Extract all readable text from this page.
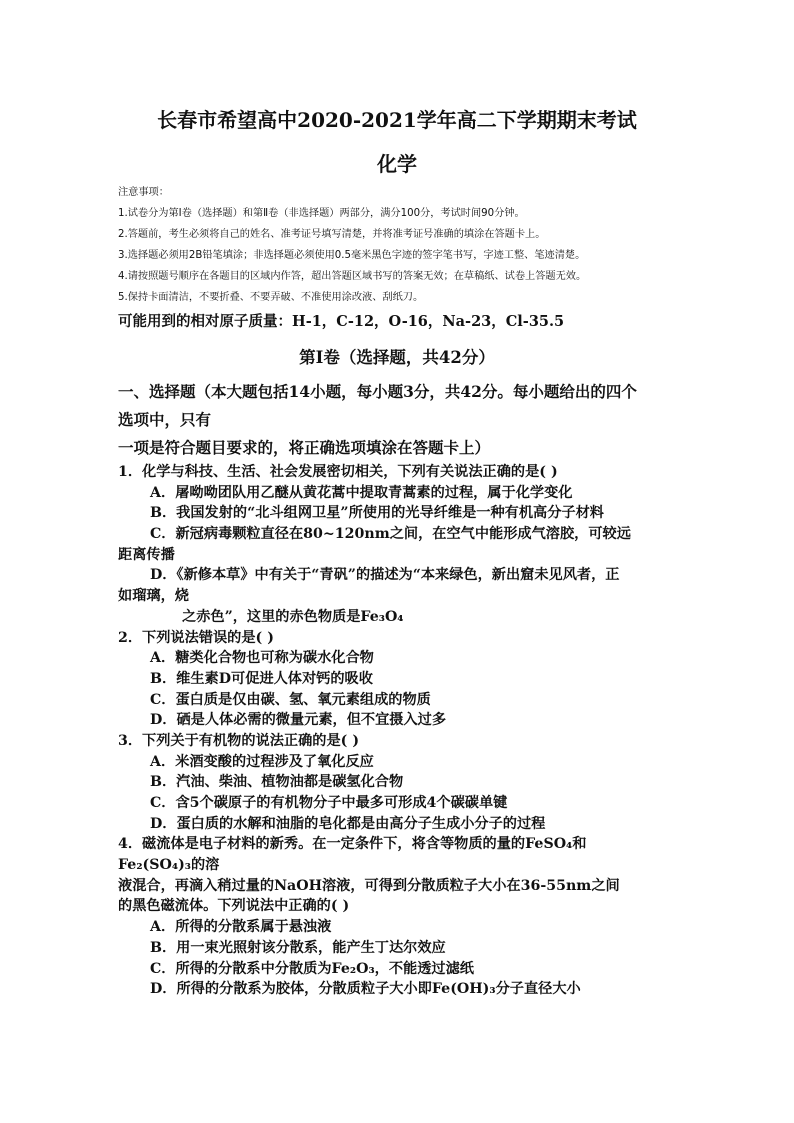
长春市希望高中2020-2021学年高二下学期期末考试
化学
注意事项：
1.试卷分为第Ⅰ卷（选择题）和第Ⅱ卷（非选择题）两部分，满分100分，考试时间90分钟。
2.答题前，考生必须将自己的姓名、准考证号填写清楚，并将准考证号准确的填涂在答题卡上。
3.选择题必须用2B铅笔填涂；非选择题必须使用0.5毫米黑色字迹的签字笔书写，字迹工整、笔迹清楚。
4.请按照题号顺序在各题目的区域内作答，超出答题区域书写的答案无效；在草稿纸、试卷上答题无效。
5.保持卡面清洁，不要折叠、不要弄破、不准使用涂改液、刮纸刀。
可能用到的相对原子质量：H-1，C-12，O-16，Na-23，Cl-35.5
第Ⅰ卷（选择题，共42分）
一、选择题（本大题包括14小题，每小题3分，共42分。每小题给出的四个
选项中，只有
一项是符合题目要求的，将正确选项填涂在答题卡上）
1．化学与科技、生活、社会发展密切相关，下列有关说法正确的是( )
A．屠呦呦团队用乙醚从黄花蒿中提取青蒿素的过程，属于化学变化
B．我国发射的“北斗组网卫星”所使用的光导纤维是一种有机高分子材料
C．新冠病毒颗粒直径在80~120nm之间，在空气中能形成气溶胶，可较远
距离传播
D．《新修本草》中有关于“青矾”的描述为“本来绿色，新出窟未见风者，正
如瑠璃，烧
之赤色”，这里的赤色物质是Fe₃O₄
2．下列说法错误的是( )
A．糖类化合物也可称为碳水化合物
B．维生素D可促进人体对钙的吸收
C．蛋白质是仅由碳、氢、氧元素组成的物质
D．硒是人体必需的微量元素，但不宜摄入过多
3．下列关于有机物的说法正确的是( )
A．米酒变酸的过程涉及了氧化反应
B．汽油、柴油、植物油都是碳氢化合物
C．含5个碳原子的有机物分子中最多可形成4个碳碳单键
D．蛋白质的水解和油脂的皂化都是由高分子生成小分子的过程
4．磁流体是电子材料的新秀。在一定条件下，将含等物质的量的FeSO₄和
Fe₂(SO₄)₃的溶
液混合，再滴入稍过量的NaOH溶液，可得到分散质粒子大小在36-55nm之间
的黑色磁流体。下列说法中正确的( )
A．所得的分散系属于悬浊液
B．用一束光照射该分散系，能产生丁达尔效应
C．所得的分散系中分散质为Fe₂O₃，不能透过滤纸
D．所得的分散系为胶体，分散质粒子大小即Fe(OH)₃分子直径大小
